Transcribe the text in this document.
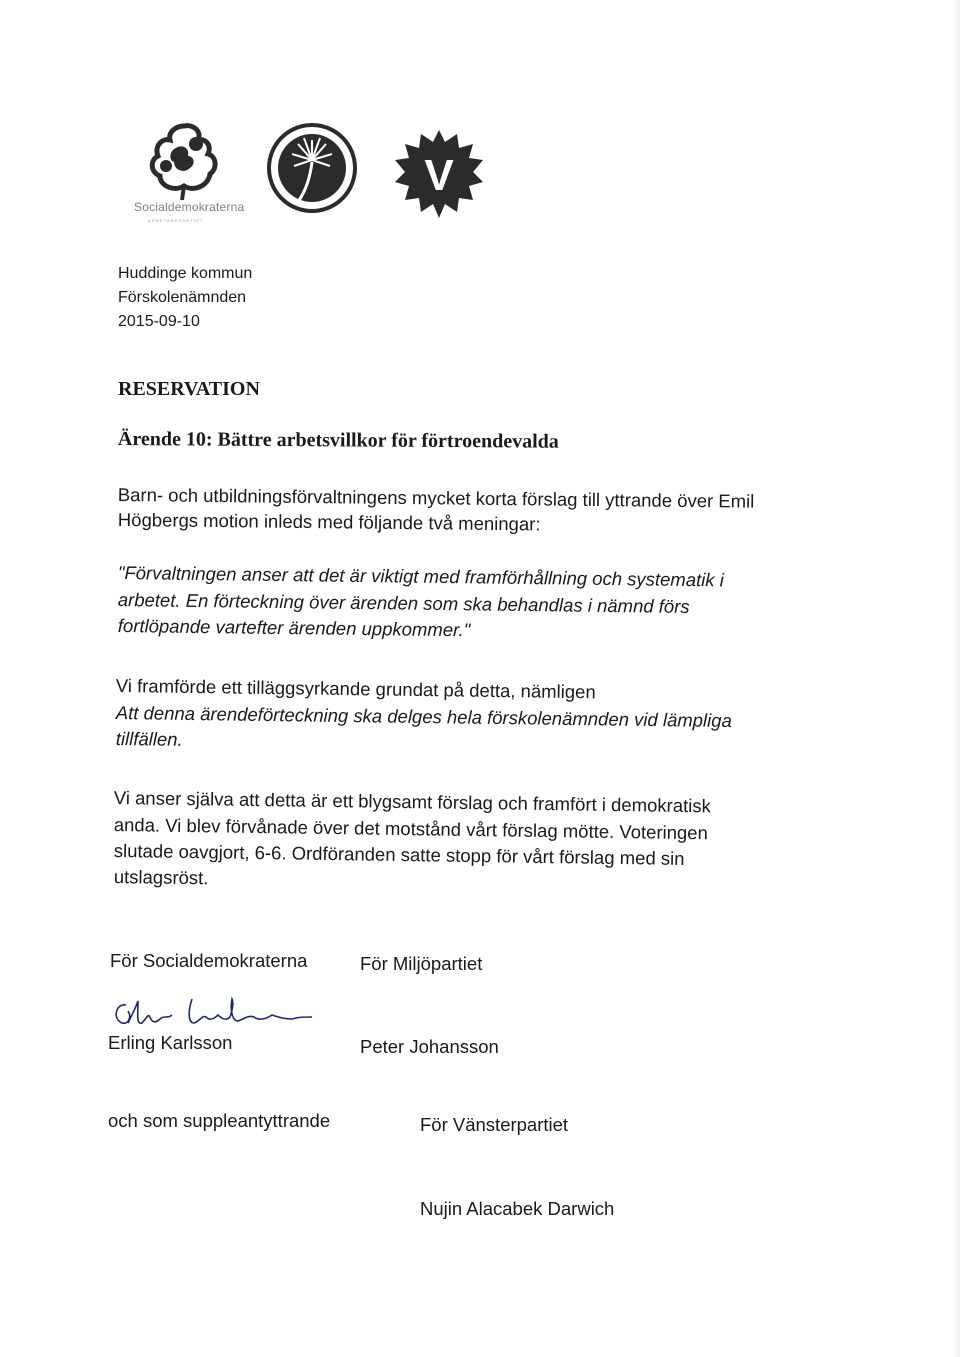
Socialdemokraterna
ARBETAREPARTIET
V
Huddinge kommun
Förskolenämnden
2015-09-10
RESERVATION
Ärende 10: Bättre arbetsvillkor för förtroendevalda
Barn- och utbildningsförvaltningens mycket korta förslag till yttrande över Emil
Högbergs motion inleds med följande två meningar:
"Förvaltningen anser att det är viktigt med framförhållning och systematik i
arbetet. En förteckning över ärenden som ska behandlas i nämnd förs
fortlöpande vartefter ärenden uppkommer."
Vi framförde ett tilläggsyrkande grundat på detta, nämligen
Att denna ärendeförteckning ska delges hela förskolenämnden vid lämpliga
tillfällen.
Vi anser själva att detta är ett blygsamt förslag och framfört i demokratisk
anda. Vi blev förvånade över det motstånd vårt förslag mötte. Voteringen
slutade oavgjort, 6-6. Ordföranden satte stopp för vårt förslag med sin
utslagsröst.
För Socialdemokraterna	För Miljöpartiet
Erling Karlsson	Peter Johansson
och som suppleantyttrande	För Vänsterpartiet
Nujin Alacabek Darwich
